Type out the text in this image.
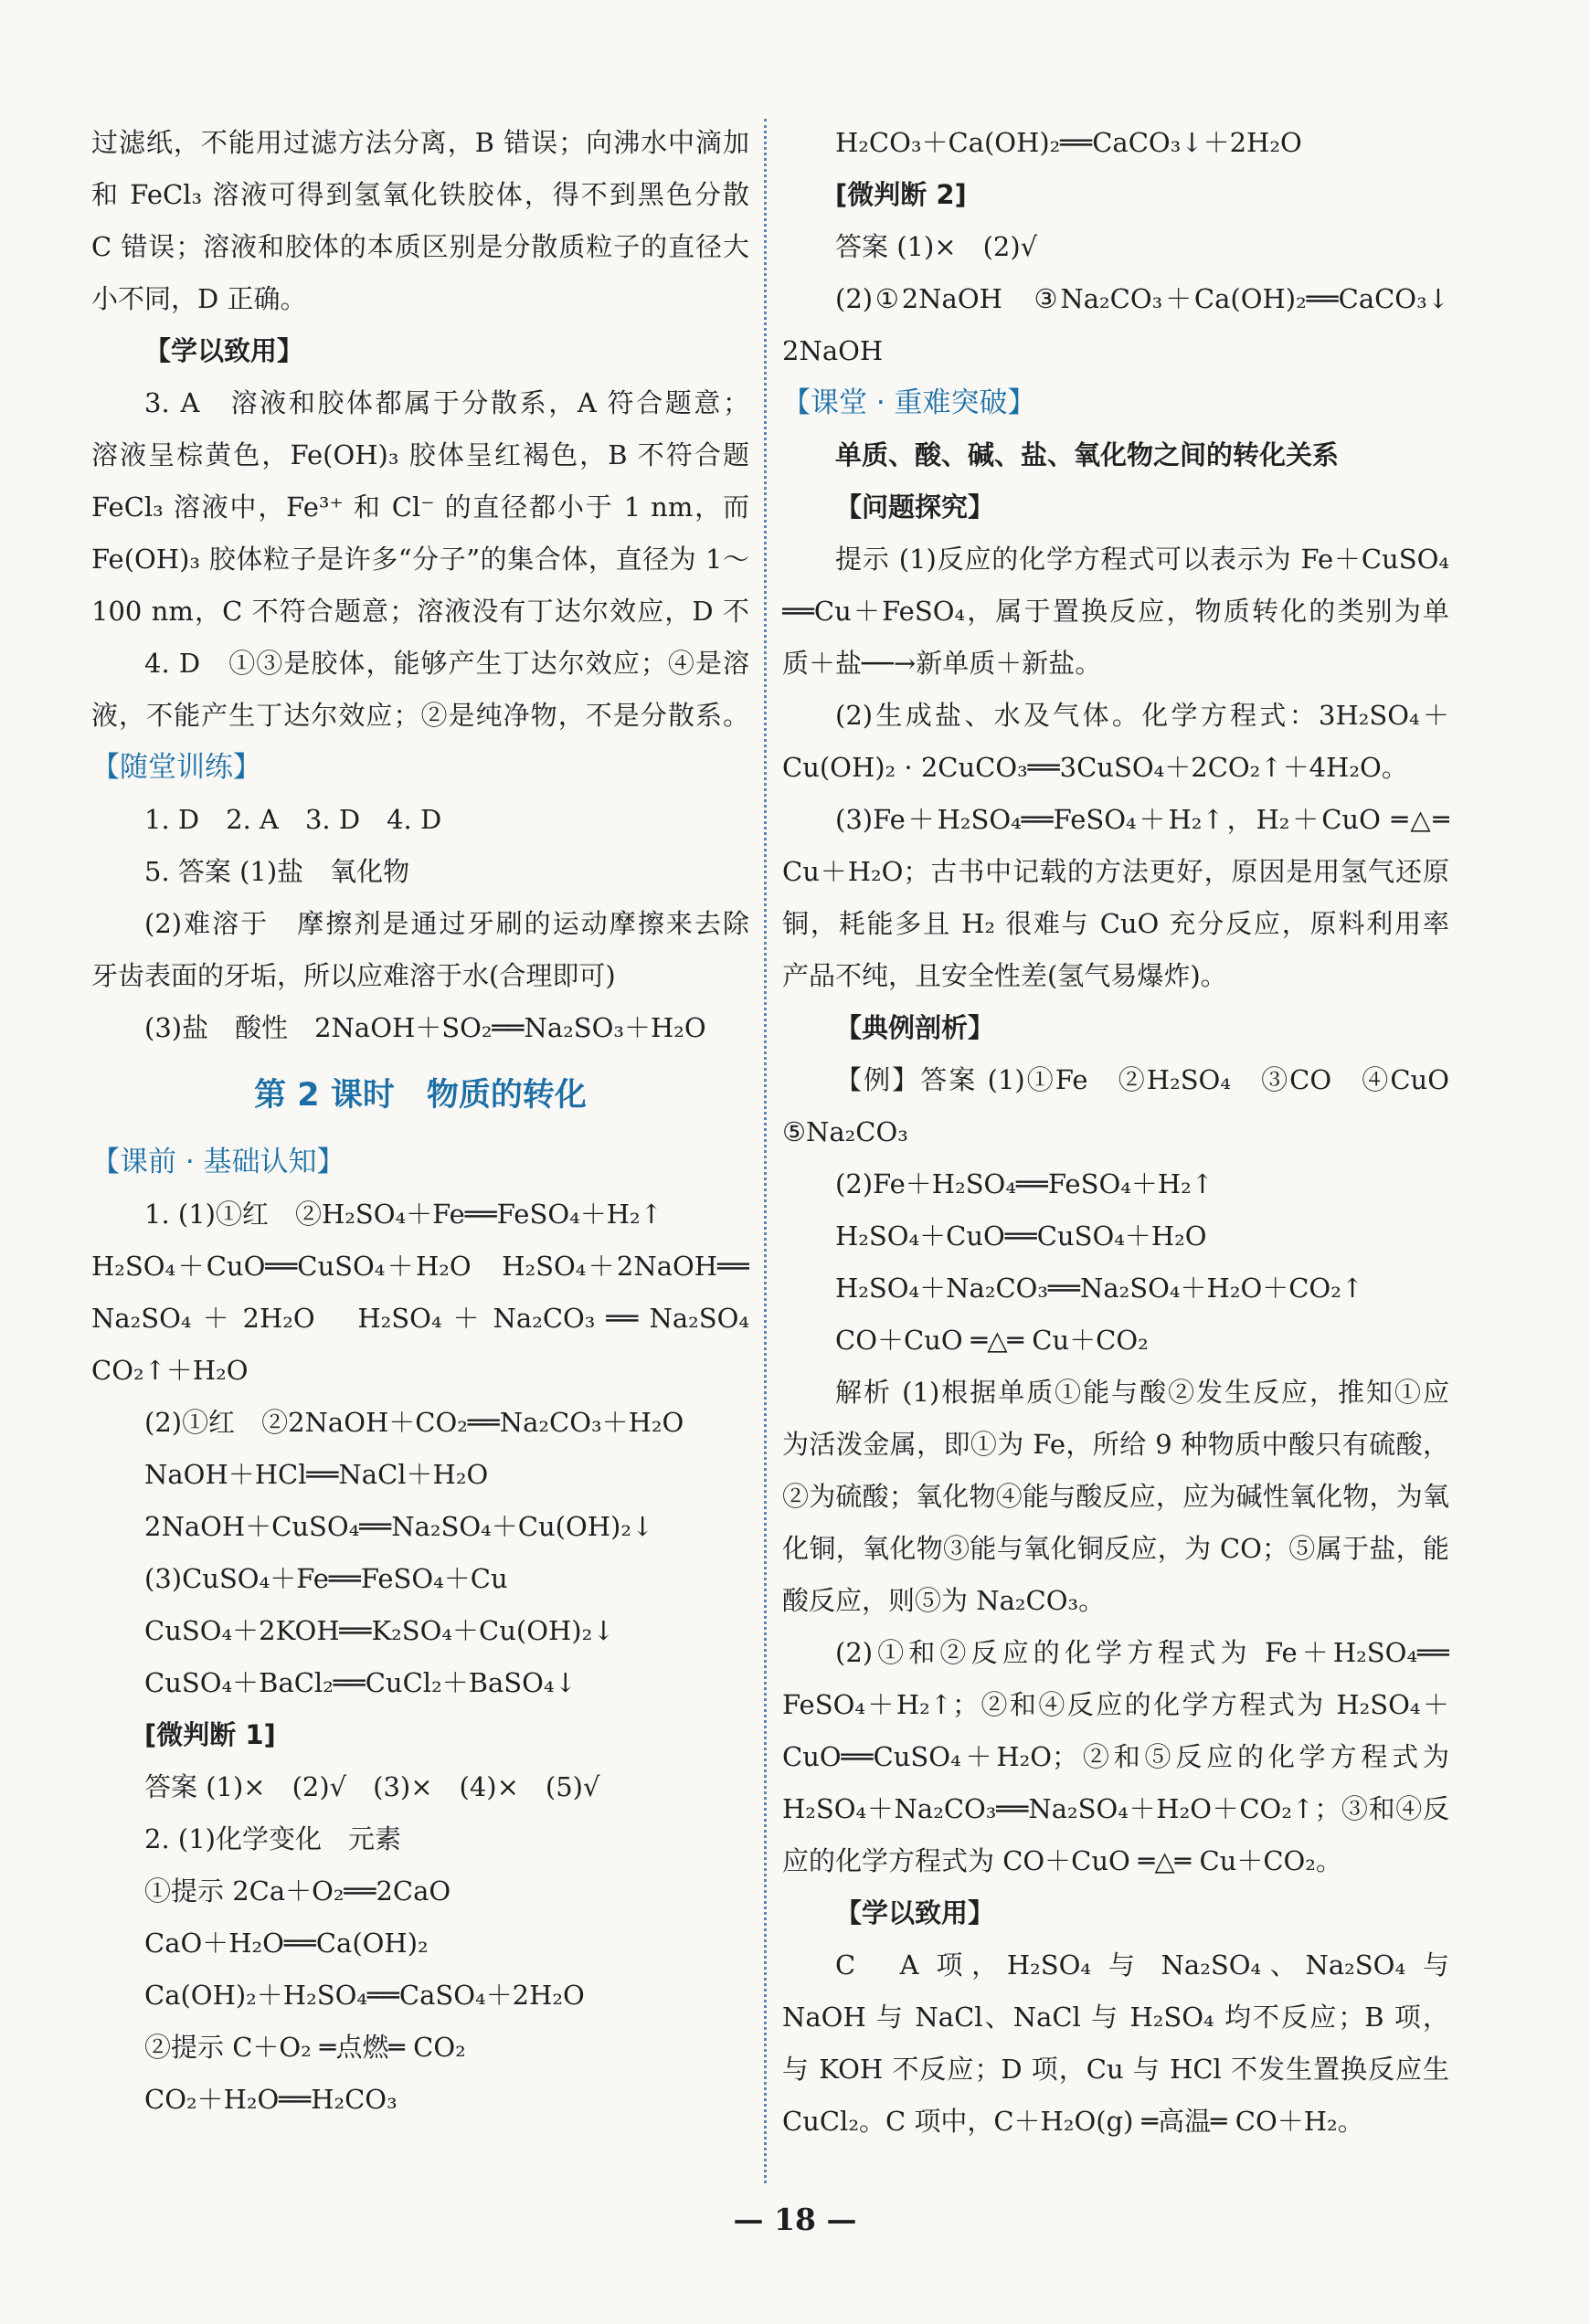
过滤纸，不能用过滤方法分离，B 错误；向沸水中滴加
和 FeCl₃ 溶液可得到氢氧化铁胶体，得不到黑色分散
C 错误；溶液和胶体的本质区别是分散质粒子的直径大
小不同，D 正确。
【学以致用】
3. A　溶液和胶体都属于分散系，A 符合题意；
溶液呈棕黄色，Fe(OH)₃ 胶体呈红褐色，B 不符合题
FeCl₃ 溶液中，Fe³⁺ 和 Cl⁻ 的直径都小于 1 nm，而
Fe(OH)₃ 胶体粒子是许多“分子”的集合体，直径为 1～
100 nm，C 不符合题意；溶液没有丁达尔效应，D 不
4. D　①③是胶体，能够产生丁达尔效应；④是溶
液，不能产生丁达尔效应；②是纯净物，不是分散系。
【随堂训练】
1. D　2. A　3. D　4. D
5. 答案 (1)盐　氧化物
(2)难溶于　摩擦剂是通过牙刷的运动摩擦来去除
牙齿表面的牙垢，所以应难溶于水(合理即可)
(3)盐　酸性　2NaOH＋SO₂══Na₂SO₃＋H₂O
第 2 课时　物质的转化
【课前 · 基础认知】
1. (1)①红　②H₂SO₄＋Fe══FeSO₄＋H₂↑
H₂SO₄＋CuO══CuSO₄＋H₂O　H₂SO₄＋2NaOH══
Na₂SO₄ ＋ 2H₂O　 H₂SO₄ ＋ Na₂CO₃ ══ Na₂SO₄
CO₂↑＋H₂O
(2)①红　②2NaOH＋CO₂══Na₂CO₃＋H₂O
NaOH＋HCl══NaCl＋H₂O
2NaOH＋CuSO₄══Na₂SO₄＋Cu(OH)₂↓
(3)CuSO₄＋Fe══FeSO₄＋Cu
CuSO₄＋2KOH══K₂SO₄＋Cu(OH)₂↓
CuSO₄＋BaCl₂══CuCl₂＋BaSO₄↓
[微判断 1]
答案 (1)×　(2)√　(3)×　(4)×　(5)√
2. (1)化学变化　元素
①提示 2Ca＋O₂══2CaO
CaO＋H₂O══Ca(OH)₂
Ca(OH)₂＋H₂SO₄══CaSO₄＋2H₂O
②提示 C＋O₂ ═点燃═ CO₂
CO₂＋H₂O══H₂CO₃
H₂CO₃＋Ca(OH)₂══CaCO₃↓＋2H₂O
[微判断 2]
答案 (1)×　(2)√
(2)①2NaOH　③Na₂CO₃＋Ca(OH)₂══CaCO₃↓
2NaOH
【课堂 · 重难突破】
单质、酸、碱、盐、氧化物之间的转化关系
【问题探究】
提示 (1)反应的化学方程式可以表示为 Fe＋CuSO₄
══Cu＋FeSO₄，属于置换反应，物质转化的类别为单
质＋盐──→新单质＋新盐。
(2)生成盐、水及气体。化学方程式：3H₂SO₄＋
Cu(OH)₂ · 2CuCO₃══3CuSO₄＋2CO₂↑＋4H₂O。
(3)Fe＋H₂SO₄══FeSO₄＋H₂↑，H₂＋CuO ═△═
Cu＋H₂O；古书中记载的方法更好，原因是用氢气还原
铜，耗能多且 H₂ 很难与 CuO 充分反应，原料利用率
产品不纯，且安全性差(氢气易爆炸)。
【典例剖析】
【例】答案 (1)①Fe　②H₂SO₄　③CO　④CuO
⑤Na₂CO₃
(2)Fe＋H₂SO₄══FeSO₄＋H₂↑
H₂SO₄＋CuO══CuSO₄＋H₂O
H₂SO₄＋Na₂CO₃══Na₂SO₄＋H₂O＋CO₂↑
CO＋CuO ═△═ Cu＋CO₂
解析 (1)根据单质①能与酸②发生反应，推知①应
为活泼金属，即①为 Fe，所给 9 种物质中酸只有硫酸，
②为硫酸；氧化物④能与酸反应，应为碱性氧化物，为氧
化铜，氧化物③能与氧化铜反应，为 CO；⑤属于盐，能
酸反应，则⑤为 Na₂CO₃。
(2)①和②反应的化学方程式为 Fe＋H₂SO₄══
FeSO₄＋H₂↑；②和④反应的化学方程式为 H₂SO₄＋
CuO══CuSO₄＋H₂O；②和⑤反应的化学方程式为
H₂SO₄＋Na₂CO₃══Na₂SO₄＋H₂O＋CO₂↑；③和④反
应的化学方程式为 CO＋CuO ═△═ Cu＋CO₂。
【学以致用】
C　A 项，H₂SO₄ 与 Na₂SO₄、Na₂SO₄ 与
NaOH 与 NaCl、NaCl 与 H₂SO₄ 均不反应；B 项，
与 KOH 不反应；D 项，Cu 与 HCl 不发生置换反应生
CuCl₂。C 项中，C＋H₂O(g) ═高温═ CO＋H₂。
— 18 —
